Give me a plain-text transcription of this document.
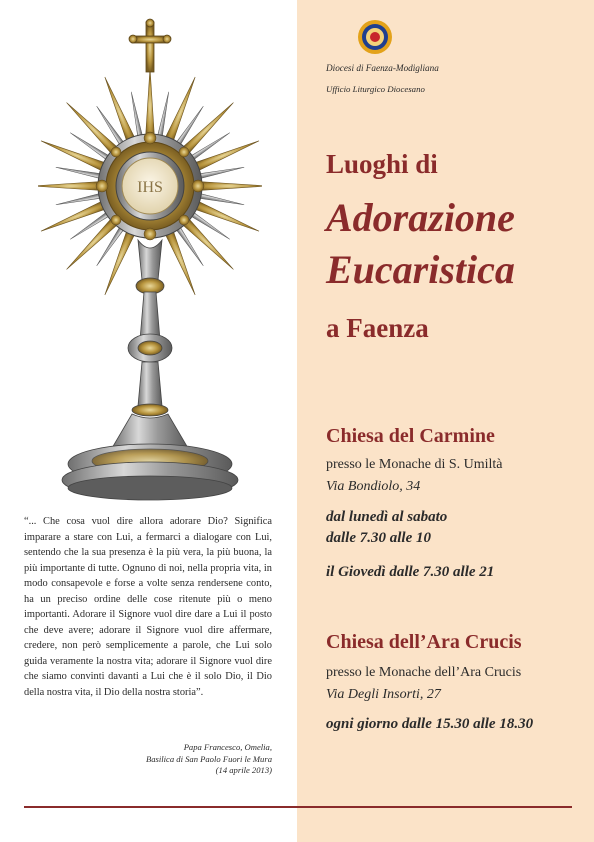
IHS
Diocesi di Faenza-Modigliana
Ufficio Liturgico Diocesano
Luoghi di
Adorazione
Eucaristica
a Faenza
Chiesa del Carmine
presso le Monache di S. Umiltà
Via Bondiolo, 34
dal lunedì al sabato
dalle 7.30 alle 10
il Giovedì dalle 7.30 alle 21
Chiesa dell’Ara Crucis
presso le Monache dell’Ara Crucis
Via Degli Insorti, 27
ogni giorno dalle 15.30 alle 18.30
“... Che cosa vuol dire allora adorare Dio? Significa imparare a stare con Lui, a fermarci a dialogare con Lui, sentendo che la sua presenza è la più vera, la più buona, la più importante di tutte. Ognuno di noi, nella propria vita, in modo consapevole e forse a volte senza rendersene conto, ha un preciso ordine delle cose ritenute più o meno importanti. Adorare il Signore vuol dire dare a Lui il posto che deve avere; adorare il Signore vuol dire affermare, credere, non però semplicemente a parole, che Lui solo guida veramente la nostra vita; adorare il Signore vuol dire che siamo convinti davanti a Lui che è il solo Dio, il Dio della nostra vita, il Dio della nostra storia”.
Papa Francesco, Omelia,
Basilica di San Paolo Fuori le Mura
(14 aprile 2013)
